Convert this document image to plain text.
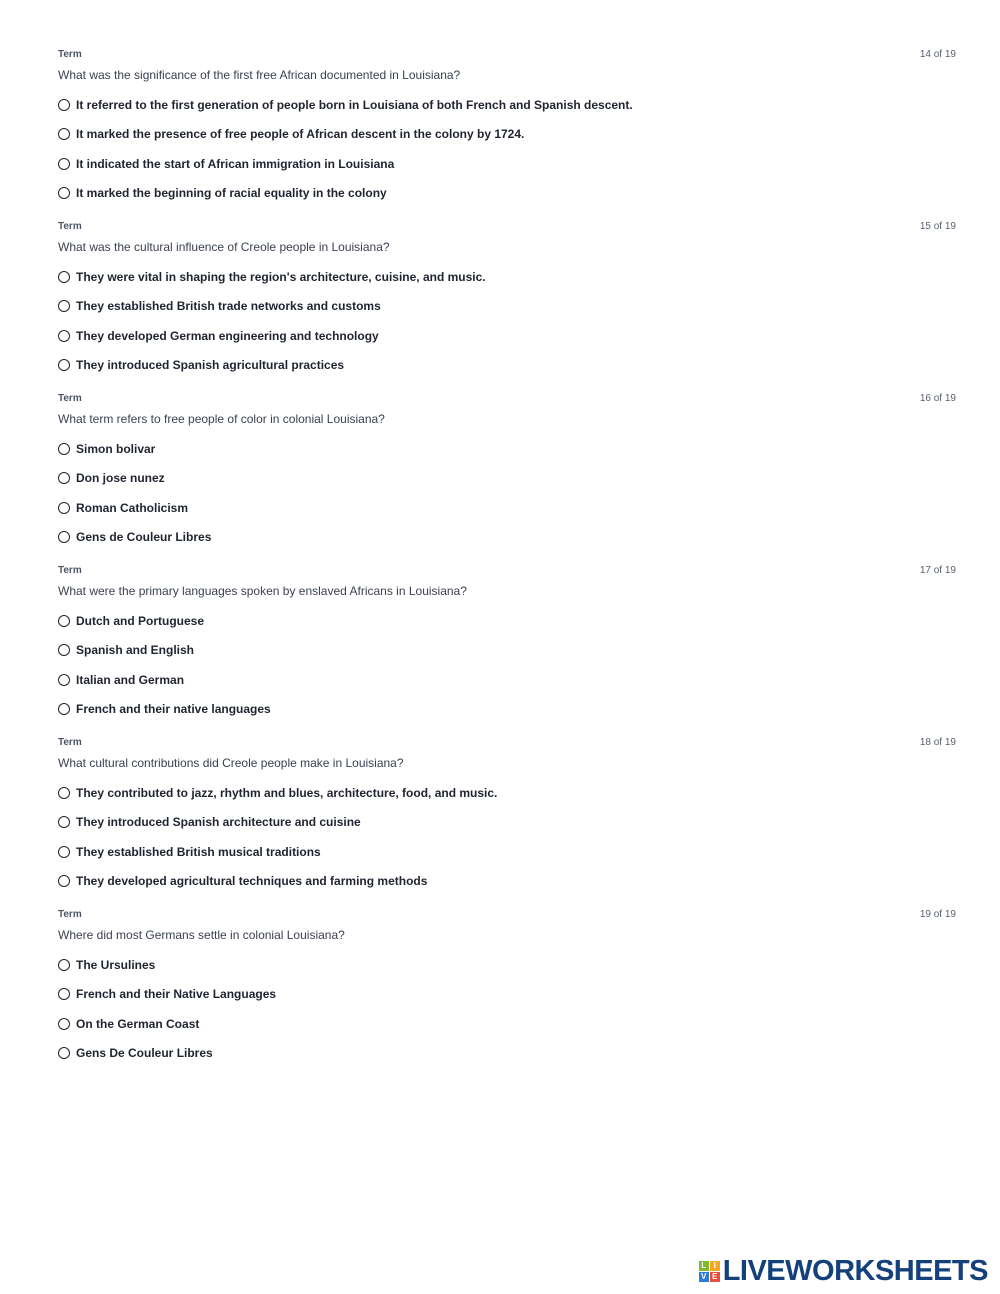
Term	14 of 19
What was the significance of the first free African documented in Louisiana?
It referred to the first generation of people born in Louisiana of both French and Spanish descent.
It marked the presence of free people of African descent in the colony by 1724.
It indicated the start of African immigration in Louisiana
It marked the beginning of racial equality in the colony
Term	15 of 19
What was the cultural influence of Creole people in Louisiana?
They were vital in shaping the region's architecture, cuisine, and music.
They established British trade networks and customs
They developed German engineering and technology
They introduced Spanish agricultural practices
Term	16 of 19
What term refers to free people of color in colonial Louisiana?
Simon bolivar
Don jose nunez
Roman Catholicism
Gens de Couleur Libres
Term	17 of 19
What were the primary languages spoken by enslaved Africans in Louisiana?
Dutch and Portuguese
Spanish and English
Italian and German
French and their native languages
Term	18 of 19
What cultural contributions did Creole people make in Louisiana?
They contributed to jazz, rhythm and blues, architecture, food, and music.
They introduced Spanish architecture and cuisine
They established British musical traditions
They developed agricultural techniques and farming methods
Term	19 of 19
Where did most Germans settle in colonial Louisiana?
The Ursulines
French and their Native Languages
On the German Coast
Gens De Couleur Libres
L I
V E LIVEWORKSHEETS
